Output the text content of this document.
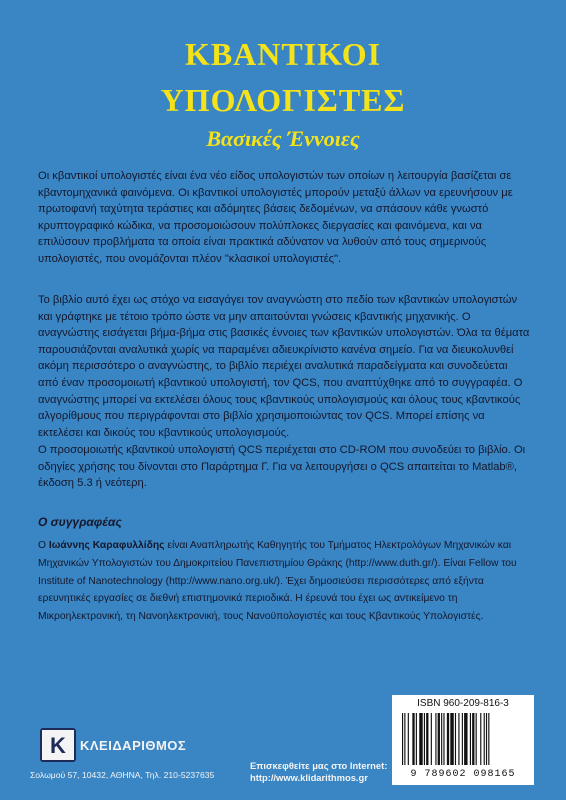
ΚΒΑΝΤΙΚΟΙ
ΥΠΟΛΟΓΙΣΤΕΣ
Βασικές Έννοιες
Οι κβαντικοί υπολογιστές είναι ένα νέο είδος υπολογιστών των οποίων η λειτουργία βασίζεται σε κβαντομηχανικά φαινόμενα. Οι κβαντικοί υπολογιστές μπορούν μεταξύ άλλων να ερευνήσουν με πρωτοφανή ταχύτητα τεράστιες και αδόμητες βάσεις δεδομένων, να σπάσουν κάθε γνωστό κρυπτογραφικό κώδικα, να προσομοιώσουν πολύπλοκες διεργασίες και φαινόμενα, και να επιλύσουν προβλήματα τα οποία είναι πρακτικά αδύνατον να λυθούν από τους σημερινούς υπολογιστές, που ονομάζονται πλέον "κλασικοί υπολογιστές".
Το βιβλίο αυτό έχει ως στόχο να εισαγάγει τον αναγνώστη στο πεδίο των κβαντικών υπολογιστών και γράφτηκε με τέτοιο τρόπο ώστε να μην απαιτούνται γνώσεις κβαντικής μηχανικής. Ο αναγνώστης εισάγεται βήμα-βήμα στις βασικές έννοιες των κβαντικών υπολογιστών. Όλα τα θέματα παρουσιάζονται αναλυτικά χωρίς να παραμένει αδιευκρίνιστο κανένα σημείο. Για να διευκολυνθεί ακόμη περισσότερο ο αναγνώστης, το βιβλίο περιέχει αναλυτικά παραδείγματα και συνοδεύεται από έναν προσομοιωτή κβαντικού υπολογιστή, τον QCS, που αναπτύχθηκε από το συγγραφέα. Ο αναγνώστης μπορεί να εκτελέσει όλους τους κβαντικούς υπολογισμούς και όλους τους κβαντικούς αλγορίθμους που περιγράφονται στο βιβλίο χρησιμοποιώντας τον QCS. Μπορεί επίσης να εκτελέσει και δικούς του κβαντικούς υπολογισμούς.
Ο προσομοιωτής κβαντικού υπολογιστή QCS περιέχεται στο CD-ROM που συνοδεύει το βιβλίο. Οι οδηγίες χρήσης του δίνονται στο Παράρτημα Γ. Για να λειτουργήσει ο QCS απαιτείται το Matlab®, έκδοση 5.3 ή νεότερη.
Ο συγγραφέας
Ο Ιωάννης Καραφυλλίδης είναι Αναπληρωτής Καθηγητής του Τμήματος Ηλεκτρολόγων Μηχανικών και Μηχανικών Υπολογιστών του Δημοκριτείου Πανεπιστημίου Θράκης (http://www.duth.gr/). Είναι Fellow του Institute of Nanotechnology (http://www.nano.org.uk/). Έχει δημοσιεύσει περισσότερες από εξήντα ερευνητικές εργασίες σε διεθνή επιστημονικά περιοδικά. Η έρευνά του έχει ως αντικείμενο τη Μικροηλεκτρονική, τη Νανοηλεκτρονική, τους Νανοϋπολογιστές και τους Κβαντικούς Υπολογιστές.
K ΚΛΕΙΔΑΡΙΘΜΟΣ
Σολωμού 57, 10432, ΑΘΗΝΑ, Τηλ. 210-5237635
Επισκεφθείτε μας στο Internet:
http://www.klidarithmos.gr
ISBN 960-209-816-3
9 789602 098165
